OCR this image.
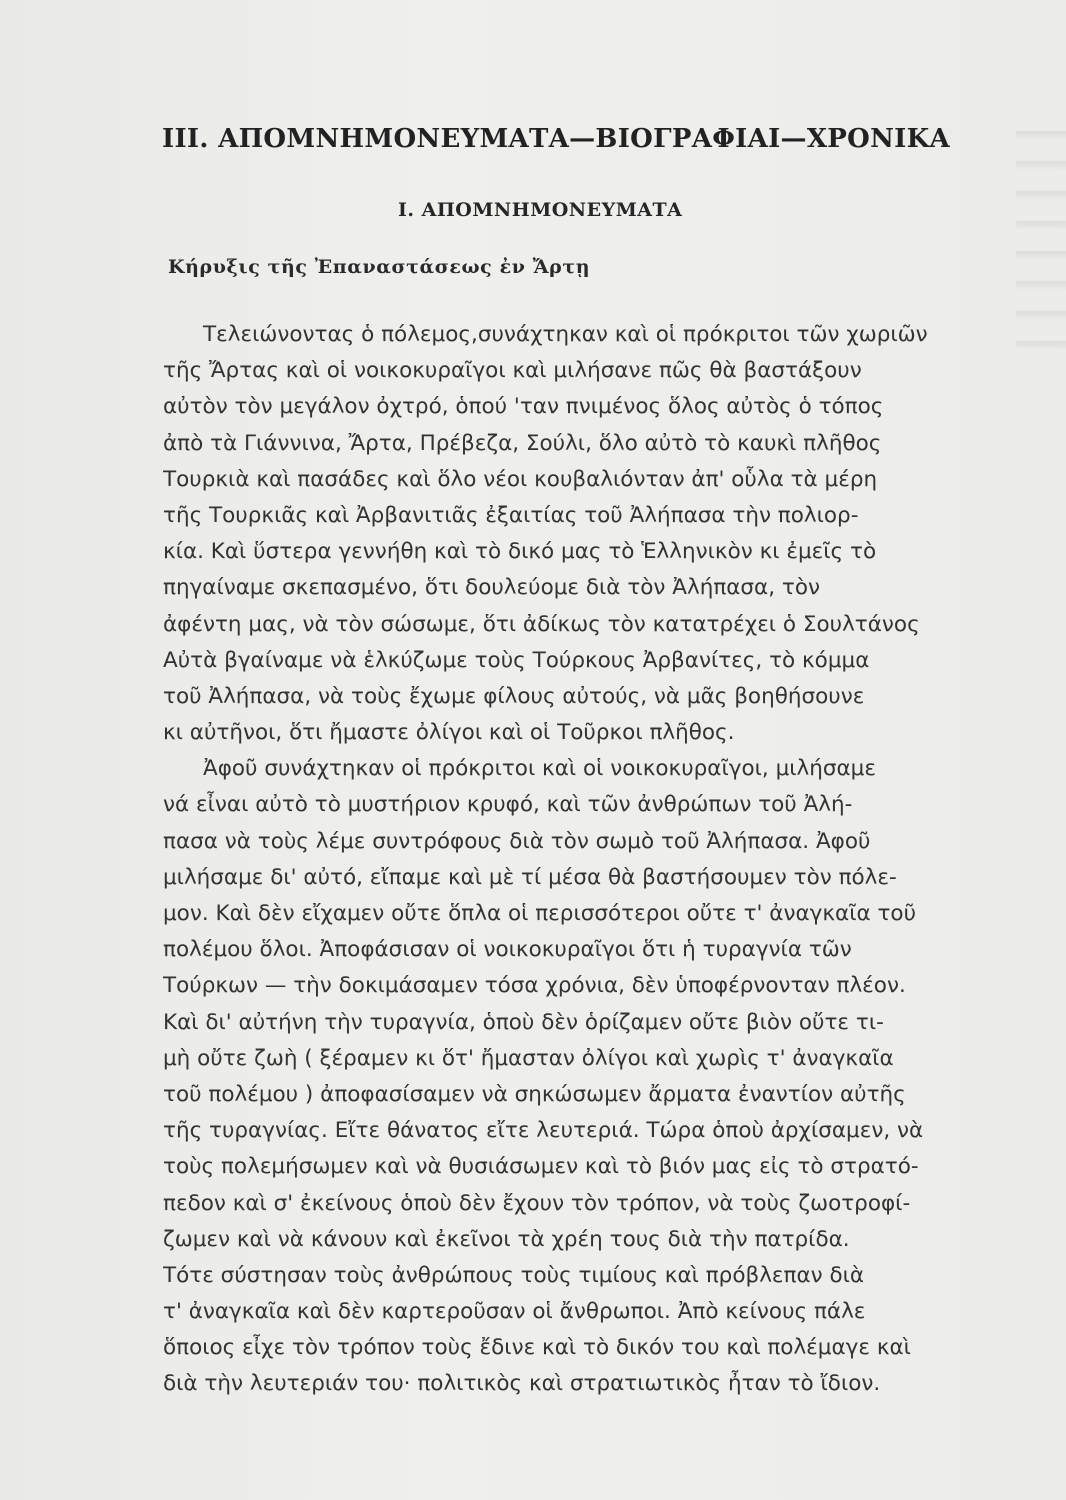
III. ΑΠΟΜΝΗΜΟΝΕΥΜΑΤΑ—ΒΙΟΓΡΑΦΙΑΙ—ΧΡΟΝΙΚΑ
I. ΑΠΟΜΝΗΜΟΝΕΥΜΑΤΑ
Κήρυξις τῆς Ἐπαναστάσεως ἐν Ἄρτῃ
Τελειώνοντας ὁ πόλεμος,συνάχτηκαν καὶ οἱ πρόκριτοι τῶν χωριῶν
τῆς Ἄρτας καὶ οἱ νοικοκυραῖγοι καὶ μιλήσανε πῶς θὰ βαστάξουν
αὐτὸν τὸν μεγάλον ὀχτρό, ὁπού 'ταν πνιμένος ὅλος αὐτὸς ὁ τόπος
ἀπὸ τὰ Γιάννινα, Ἄρτα, Πρέβεζα, Σούλι, ὅλο αὐτὸ τὸ καυκὶ πλῆθος
Τουρκιὰ καὶ πασάδες καὶ ὅλο νέοι κουβαλιόνταν ἀπ' οὗλα τὰ μέρη
τῆς Τουρκιᾶς καὶ Ἀρβανιτιᾶς ἐξαιτίας τοῦ Ἀλήπασα τὴν πολιορ-
κία. Καὶ ὕστερα γεννήθη καὶ τὸ δικό μας τὸ Ἑλληνικὸν κι ἐμεῖς τὸ
πηγαίναμε σκεπασμένο, ὅτι δουλεύομε διὰ τὸν Ἀλήπασα, τὸν
ἀφέντη μας, νὰ τὸν σώσωμε, ὅτι ἀδίκως τὸν κατατρέχει ὁ Σουλτάνος
Αὐτὰ βγαίναμε νὰ ἑλκύζωμε τοὺς Τούρκους Ἀρβανίτες, τὸ κόμμα
τοῦ Ἀλήπασα, νὰ τοὺς ἔχωμε φίλους αὐτούς, νὰ μᾶς βοηθήσουνε
κι αὐτῆνοι, ὅτι ἤμαστε ὀλίγοι καὶ οἱ Τοῦρκοι πλῆθος.
Ἀφοῦ συνάχτηκαν οἱ πρόκριτοι καὶ οἱ νοικοκυραῖγοι, μιλήσαμε
νά εἶναι αὐτὸ τὸ μυστήριον κρυφό, καὶ τῶν ἀνθρώπων τοῦ Ἀλή-
πασα νὰ τοὺς λέμε συντρόφους διὰ τὸν σωμὸ τοῦ Ἀλήπασα. Ἀφοῦ
μιλήσαμε δι' αὐτό, εἴπαμε καὶ μὲ τί μέσα θὰ βαστήσουμεν τὸν πόλε-
μον. Καὶ δὲν εἴχαμεν οὔτε ὅπλα οἱ περισσότεροι οὔτε τ' ἀναγκαῖα τοῦ
πολέμου ὅλοι. Ἀποφάσισαν οἱ νοικοκυραῖγοι ὅτι ἡ τυραγνία τῶν
Τούρκων — τὴν δοκιμάσαμεν τόσα χρόνια, δὲν ὑποφέρνονταν πλέον.
Καὶ δι' αὐτήνη τὴν τυραγνία, ὁποὺ δὲν ὁρίζαμεν οὔτε βιὸν οὔτε τι-
μὴ οὔτε ζωὴ ( ξέραμεν κι ὅτ' ἤμασταν ὀλίγοι καὶ χωρὶς τ' ἀναγκαῖα
τοῦ πολέμου ) ἀποφασίσαμεν νὰ σηκώσωμεν ἄρματα ἐναντίον αὐτῆς
τῆς τυραγνίας. Εἴτε θάνατος εἴτε λευτεριά. Τώρα ὁποὺ ἀρχίσαμεν, νὰ
τοὺς πολεμήσωμεν καὶ νὰ θυσιάσωμεν καὶ τὸ βιόν μας εἰς τὸ στρατό-
πεδον καὶ σ' ἐκείνους ὁποὺ δὲν ἔχουν τὸν τρόπον, νὰ τοὺς ζωοτροφί-
ζωμεν καὶ νὰ κάνουν καὶ ἐκεῖνοι τὰ χρέη τους διὰ τὴν πατρίδα.
Τότε σύστησαν τοὺς ἀνθρώπους τοὺς τιμίους καὶ πρόβλεπαν διὰ
τ' ἀναγκαῖα καὶ δὲν καρτεροῦσαν οἱ ἄνθρωποι. Ἀπὸ κείνους πάλε
ὅποιος εἶχε τὸν τρόπον τοὺς ἔδινε καὶ τὸ δικόν του καὶ πολέμαγε καὶ
διὰ τὴν λευτεριάν του· πολιτικὸς καὶ στρατιωτικὸς ἦταν τὸ ἴδιον.
